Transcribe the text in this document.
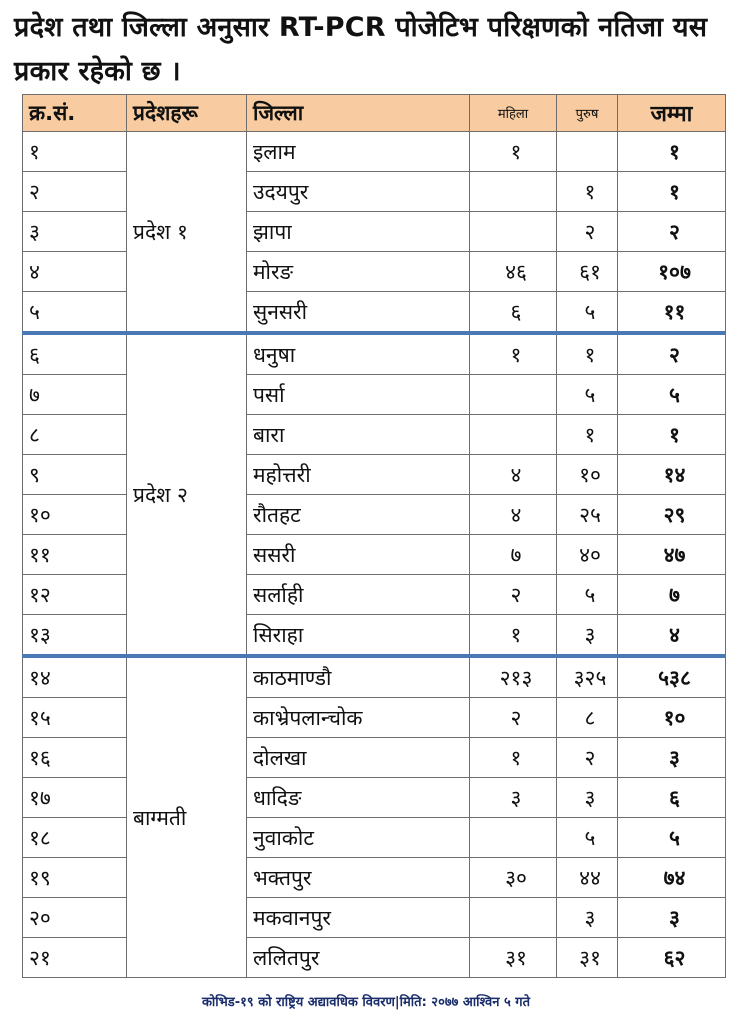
प्रदेश तथा जिल्ला अनुसार RT-PCR पोजेटिभ परिक्षणको नतिजा यस प्रकार रहेको छ ।
क्र.सं.	प्रदेशहरू	जिल्ला	महिला	पुरुष	जम्मा
१	प्रदेश १	इलाम	१		१
२		उदयपुर		१	१
३		झापा		२	२
४		मोरङ	४६	६१	१०७
५		सुनसरी	६	५	११
६	प्रदेश २	धनुषा	१	१	२
७		पर्सा		५	५
८		बारा		१	१
९		महोत्तरी	४	१०	१४
१०		रौतहट	४	२५	२९
११		ससरी	७	४०	४७
१२		सर्लाही	२	५	७
१३		सिराहा	१	३	४
१४	बाग्मती	काठमाण्डौ	२१३	३२५	५३८
१५		काभ्रेपलान्चोक	२	८	१०
१६		दोलखा	१	२	३
१७		धादिङ	३	३	६
१८		नुवाकोट		५	५
१९		भक्तपुर	३०	४४	७४
२०		मकवानपुर		३	३
२१		ललितपुर	३१	३१	६२
कोभिड-१९ को राष्ट्रिय अद्यावधिक विवरण|मिति: २०७७ आश्विन ५ गते
